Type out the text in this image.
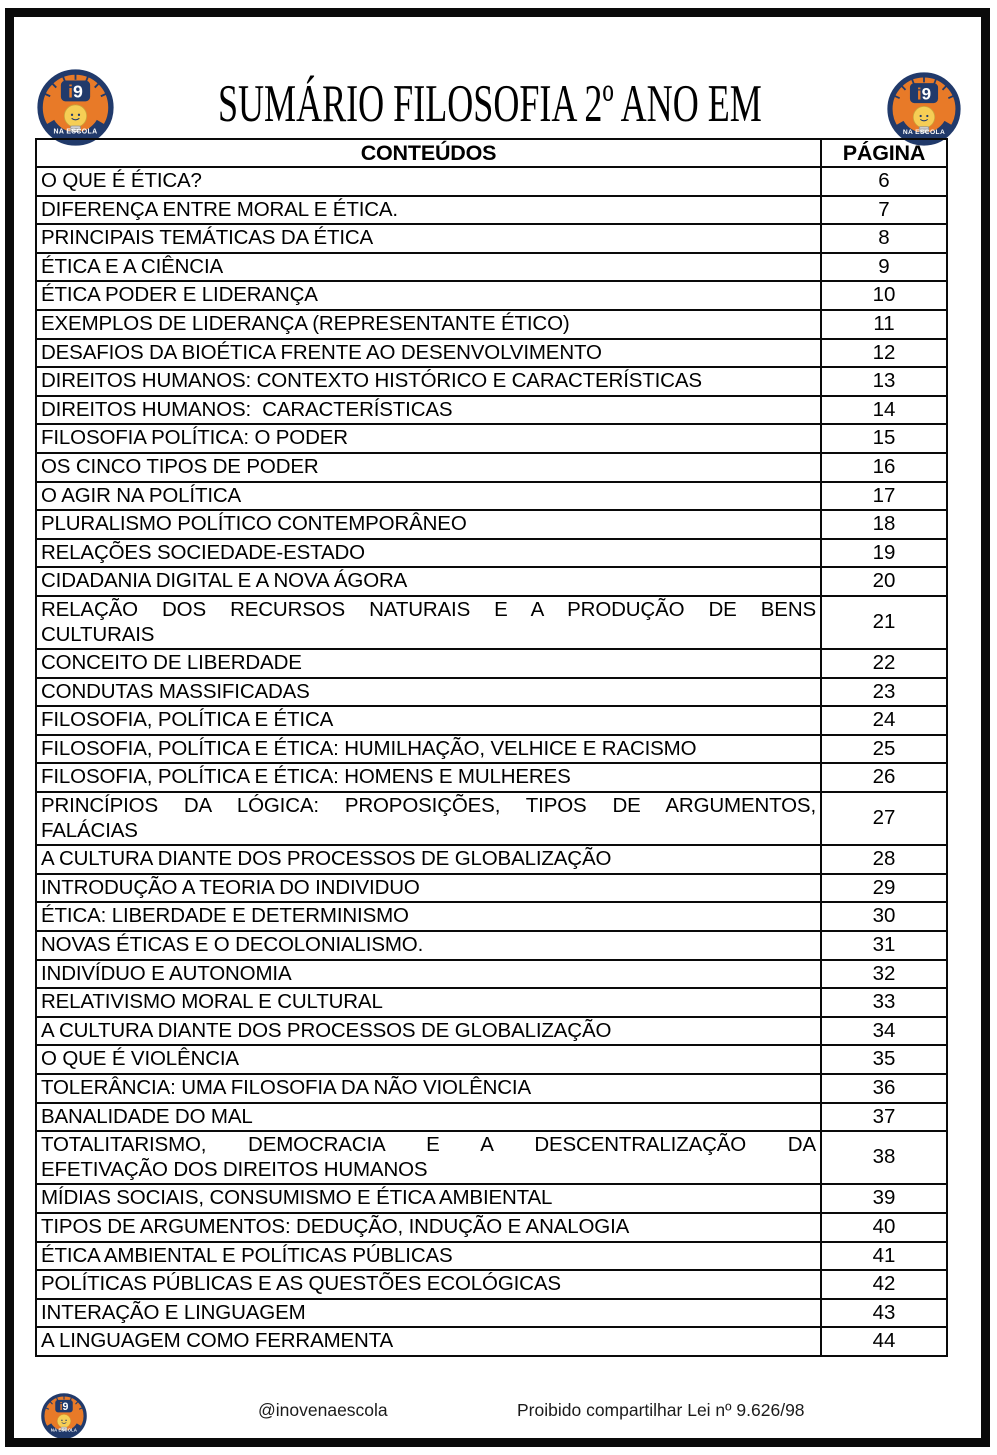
i9
NA ESCOLA	SUMÁRIO FILOSOFIA 2º ANO EM	i9
NA ESCOLA
CONTEÚDOS	PÁGINA

O QUE É ÉTICA?	6

DIFERENÇA ENTRE MORAL E ÉTICA.	7

PRINCIPAIS TEMÁTICAS DA ÉTICA	8

ÉTICA E A CIÊNCIA	9

ÉTICA PODER E LIDERANÇA	10

EXEMPLOS DE LIDERANÇA (REPRESENTANTE ÉTICO)	11

DESAFIOS DA BIOÉTICA FRENTE AO DESENVOLVIMENTO	12

DIREITOS HUMANOS: CONTEXTO HISTÓRICO E CARACTERÍSTICAS	13

DIREITOS HUMANOS:  CARACTERÍSTICAS	14

FILOSOFIA POLÍTICA: O PODER	15

OS CINCO TIPOS DE PODER	16

O AGIR NA POLÍTICA	17

PLURALISMO POLÍTICO CONTEMPORÂNEO	18

RELAÇÕES SOCIEDADE-ESTADO	19

CIDADANIA DIGITAL E A NOVA ÁGORA	20

RELAÇÃO DOS RECURSOS NATURAIS E A PRODUÇÃO DE BENS
CULTURAIS	21

CONCEITO DE LIBERDADE	22

CONDUTAS MASSIFICADAS	23

FILOSOFIA, POLÍTICA E ÉTICA	24

FILOSOFIA, POLÍTICA E ÉTICA: HUMILHAÇÃO, VELHICE E RACISMO	25

FILOSOFIA, POLÍTICA E ÉTICA: HOMENS E MULHERES	26

PRINCÍPIOS DA LÓGICA: PROPOSIÇÕES, TIPOS DE ARGUMENTOS,
FALÁCIAS	27

A CULTURA DIANTE DOS PROCESSOS DE GLOBALIZAÇÃO	28

INTRODUÇÃO A TEORIA DO INDIVIDUO	29

ÉTICA: LIBERDADE E DETERMINISMO	30

NOVAS ÉTICAS E O DECOLONIALISMO.	31

INDIVÍDUO E AUTONOMIA	32

RELATIVISMO MORAL E CULTURAL	33

A CULTURA DIANTE DOS PROCESSOS DE GLOBALIZAÇÃO	34

O QUE É VIOLÊNCIA	35

TOLERÂNCIA: UMA FILOSOFIA DA NÃO VIOLÊNCIA	36

BANALIDADE DO MAL	37

TOTALITARISMO, DEMOCRACIA E A DESCENTRALIZAÇÃO DA
EFETIVAÇÃO DOS DIREITOS HUMANOS	38

MÍDIAS SOCIAIS, CONSUMISMO E ÉTICA AMBIENTAL	39

TIPOS DE ARGUMENTOS: DEDUÇÃO, INDUÇÃO E ANALOGIA	40

ÉTICA AMBIENTAL E POLÍTICAS PÚBLICAS	41

POLÍTICAS PÚBLICAS E AS QUESTÕES ECOLÓGICAS	42

INTERAÇÃO E LINGUAGEM	43

A LINGUAGEM COMO FERRAMENTA	44
i9
NA ESCOLA
@inovenaescola	Proibido compartilhar Lei nº 9.626/98
